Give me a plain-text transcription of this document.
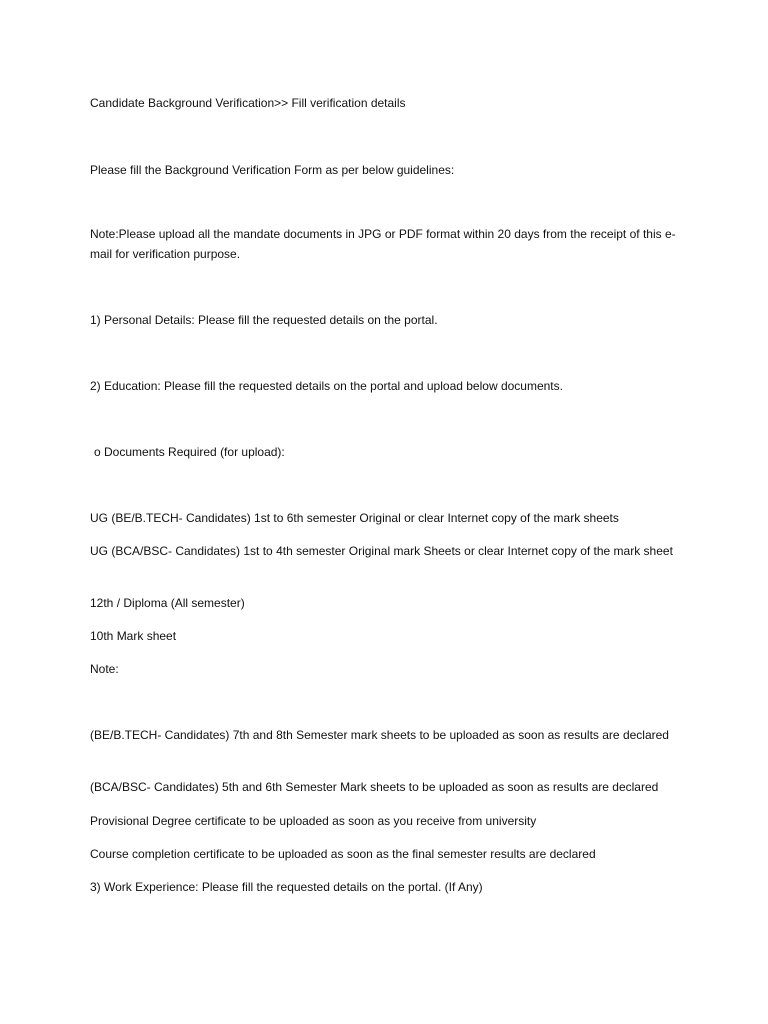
Candidate Background Verification>> Fill verification details

Please fill the Background Verification Form as per below guidelines:

Note:Please upload all the mandate documents in JPG or PDF format within 20 days from the receipt of this e-mail for verification purpose.

1) Personal Details: Please fill the requested details on the portal.

2) Education: Please fill the requested details on the portal and upload below documents.

o Documents Required (for upload):

UG (BE/B.TECH- Candidates) 1st to 6th semester Original or clear Internet copy of the mark sheets

UG (BCA/BSC- Candidates) 1st to 4th semester Original mark Sheets or clear Internet copy of the mark sheet

12th / Diploma (All semester)

10th Mark sheet

Note:

(BE/B.TECH- Candidates) 7th and 8th Semester mark sheets to be uploaded as soon as results are declared

(BCA/BSC- Candidates) 5th and 6th Semester Mark sheets to be uploaded as soon as results are declared

Provisional Degree certificate to be uploaded as soon as you receive from university

Course completion certificate to be uploaded as soon as the final semester results are declared

3) Work Experience: Please fill the requested details on the portal. (If Any)
